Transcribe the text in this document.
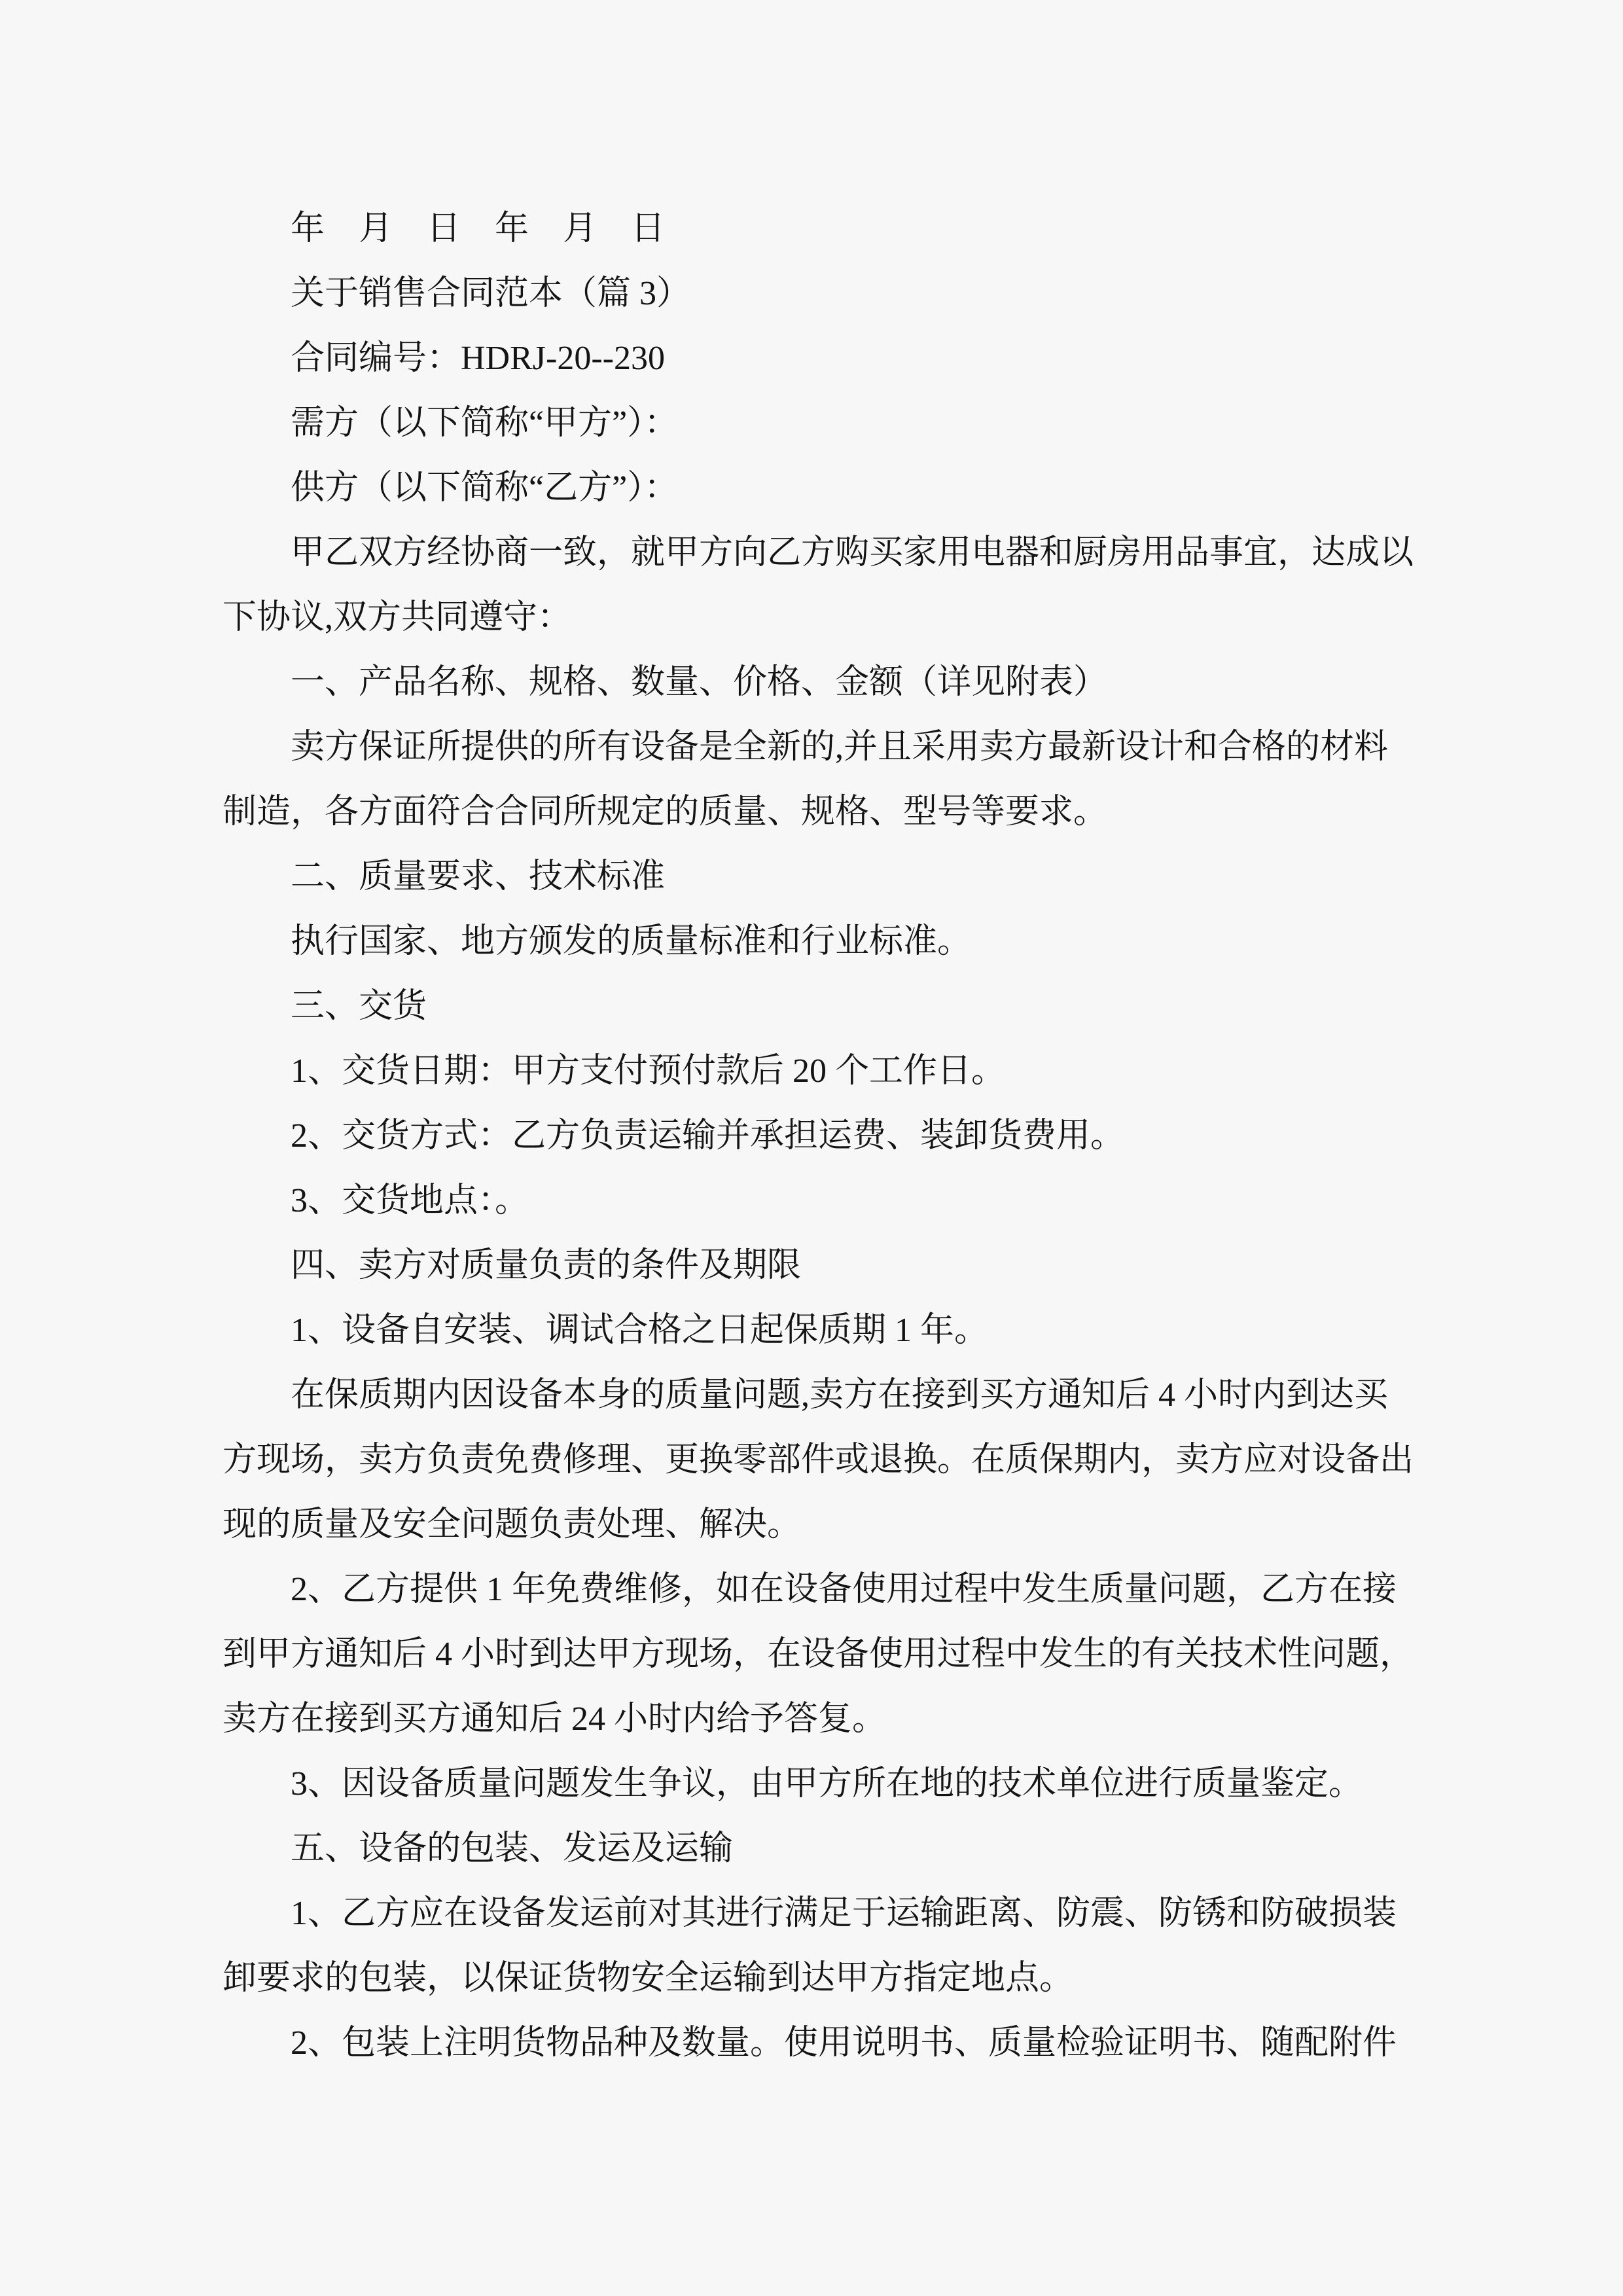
年　月　日　年　月　日
关于销售合同范本（篇 3）
合同编号：HDRJ-20--230
需方（以下简称“甲方”）：
供方（以下简称“乙方”）：
甲乙双方经协商一致，就甲方向乙方购买家用电器和厨房用品事宜，达成以
下协议,双方共同遵守：
一、产品名称、规格、数量、价格、金额（详见附表）
卖方保证所提供的所有设备是全新的,并且采用卖方最新设计和合格的材料
制造，各方面符合合同所规定的质量、规格、型号等要求。
二、质量要求、技术标准
执行国家、地方颁发的质量标准和行业标准。
三、交货
1、交货日期：甲方支付预付款后 20 个工作日。
2、交货方式：乙方负责运输并承担运费、装卸货费用。
3、交货地点：。
四、卖方对质量负责的条件及期限
1、设备自安装、调试合格之日起保质期 1 年。
在保质期内因设备本身的质量问题,卖方在接到买方通知后 4 小时内到达买
方现场，卖方负责免费修理、更换零部件或退换。在质保期内，卖方应对设备出
现的质量及安全问题负责处理、解决。
2、乙方提供 1 年免费维修，如在设备使用过程中发生质量问题，乙方在接
到甲方通知后 4 小时到达甲方现场，在设备使用过程中发生的有关技术性问题，
卖方在接到买方通知后 24 小时内给予答复。
3、因设备质量问题发生争议，由甲方所在地的技术单位进行质量鉴定。
五、设备的包装、发运及运输
1、乙方应在设备发运前对其进行满足于运输距离、防震、防锈和防破损装
卸要求的包装，以保证货物安全运输到达甲方指定地点。
2、包装上注明货物品种及数量。使用说明书、质量检验证明书、随配附件
